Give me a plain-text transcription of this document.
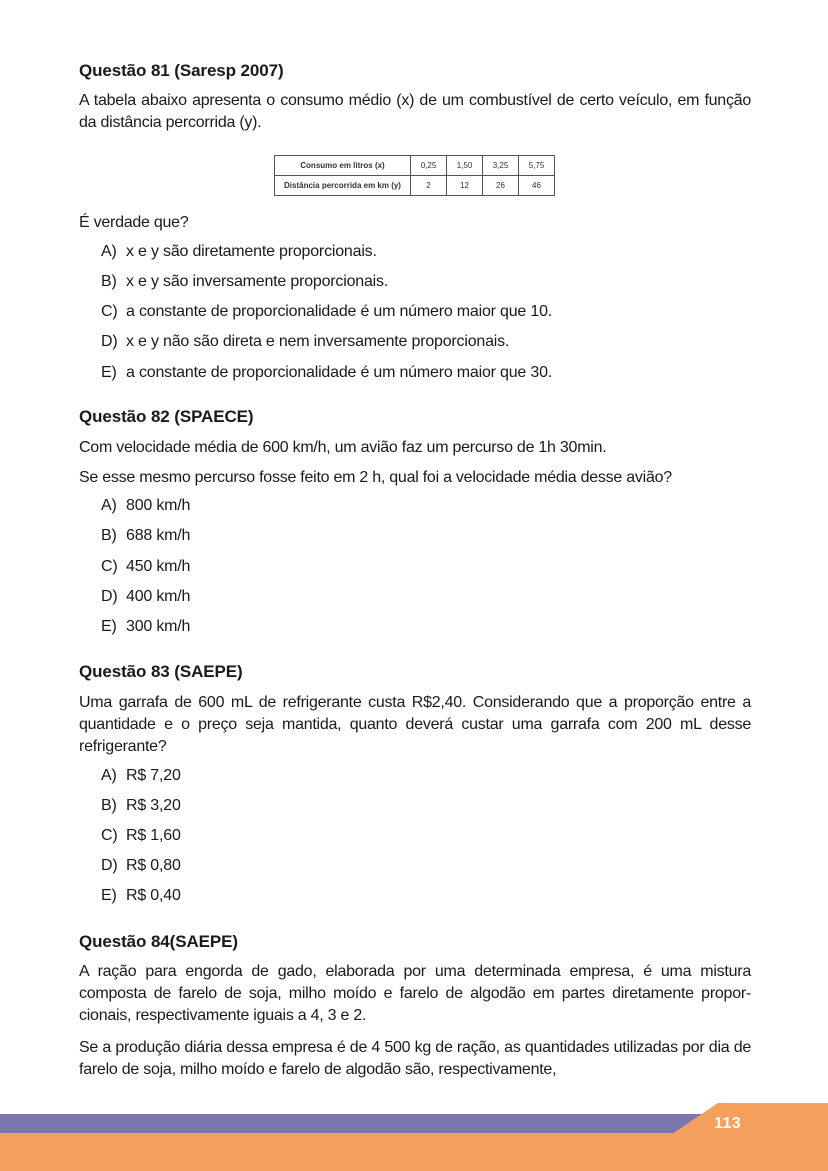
Questão 81 (Saresp 2007)
A tabela abaixo apresenta o consumo médio (x) de um combustível de certo veículo, em função da distância percorrida (y).
Consumo em litros (x)	0,25	1,50	3,25	5,75
Distância percorrida em km (y)	2	12	26	46
É verdade que?
A) x e y são diretamente proporcionais.
B) x e y são inversamente proporcionais.
C) a constante de proporcionalidade é um número maior que 10.
D) x e y não são direta e nem inversamente proporcionais.
E) a constante de proporcionalidade é um número maior que 30.
Questão 82 (SPAECE)
Com velocidade média de 600 km/h, um avião faz um percurso de 1h 30min.
Se esse mesmo percurso fosse feito em 2 h, qual foi a velocidade média desse avião?
A) 800 km/h
B) 688 km/h
C) 450 km/h
D) 400 km/h
E) 300 km/h
Questão 83 (SAEPE)
Uma garrafa de 600 mL de refrigerante custa R$2,40. Considerando que a proporção entre a quantidade e o preço seja mantida, quanto deverá custar uma garrafa com 200 mL desse refrigerante?
A) R$ 7,20
B) R$ 3,20
C) R$ 1,60
D) R$ 0,80
E) R$ 0,40
Questão 84(SAEPE)
A ração para engorda de gado, elaborada por uma determinada empresa, é uma mistura composta de farelo de soja, milho moído e farelo de algodão em partes diretamente propor-cionais, respectivamente iguais a 4, 3 e 2.
Se a produção diária dessa empresa é de 4 500 kg de ração, as quantidades utilizadas por dia de farelo de soja, milho moído e farelo de algodão são, respectivamente,
113
